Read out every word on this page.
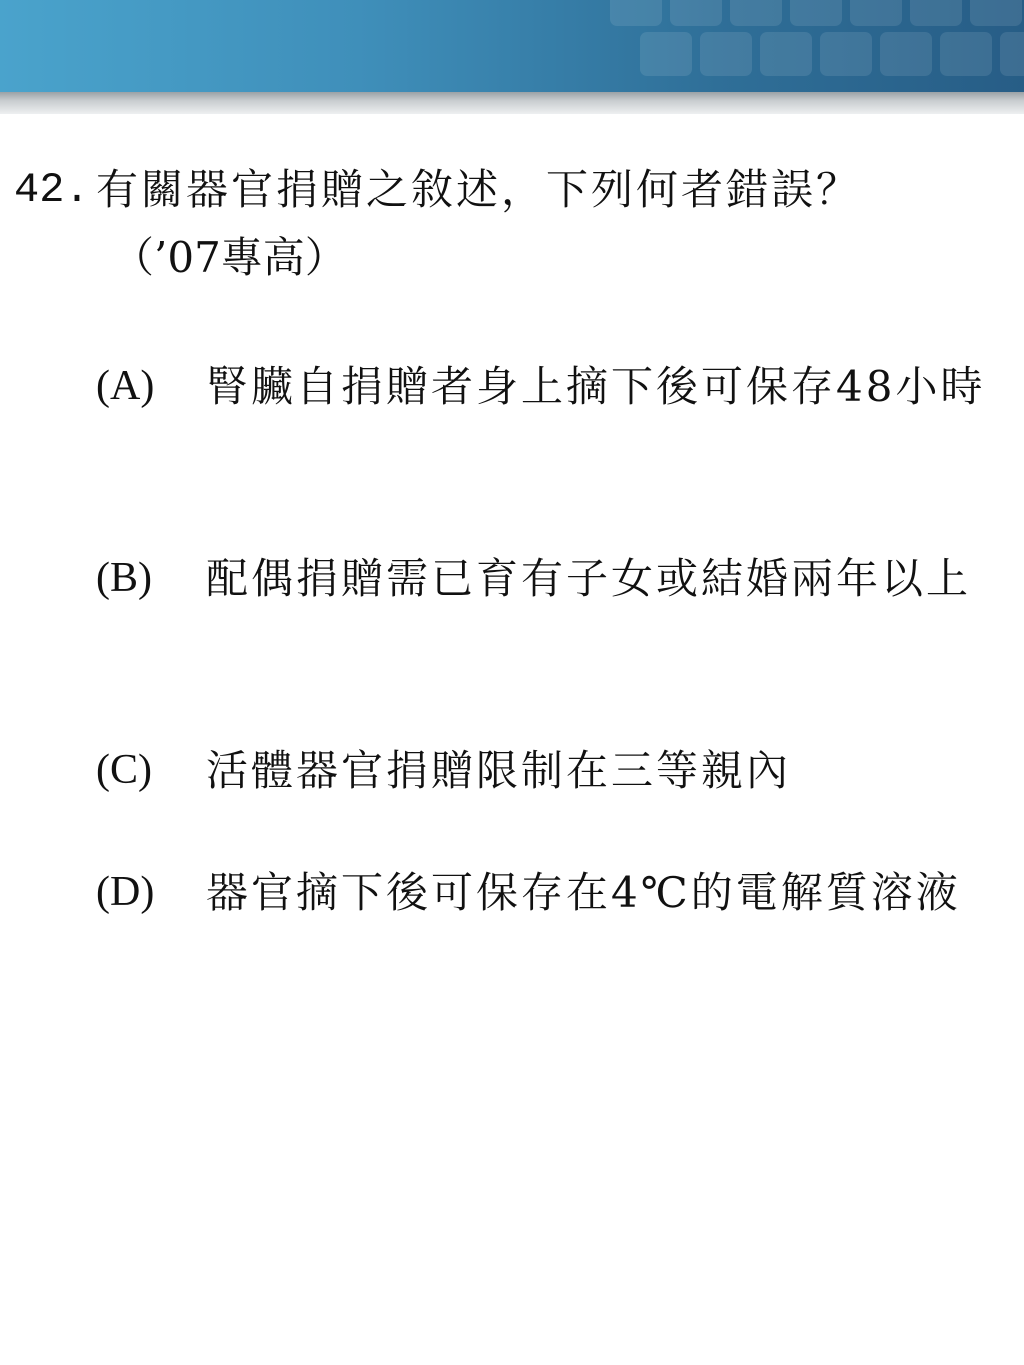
42. 有關器官捐贈之敘述，下列何者錯誤？
（’07專高）
(A) 腎臟自捐贈者身上摘下後可保存48小時
(B) 配偶捐贈需已育有子女或結婚兩年以上
(C) 活體器官捐贈限制在三等親內
(D) 器官摘下後可保存在4℃的電解質溶液
